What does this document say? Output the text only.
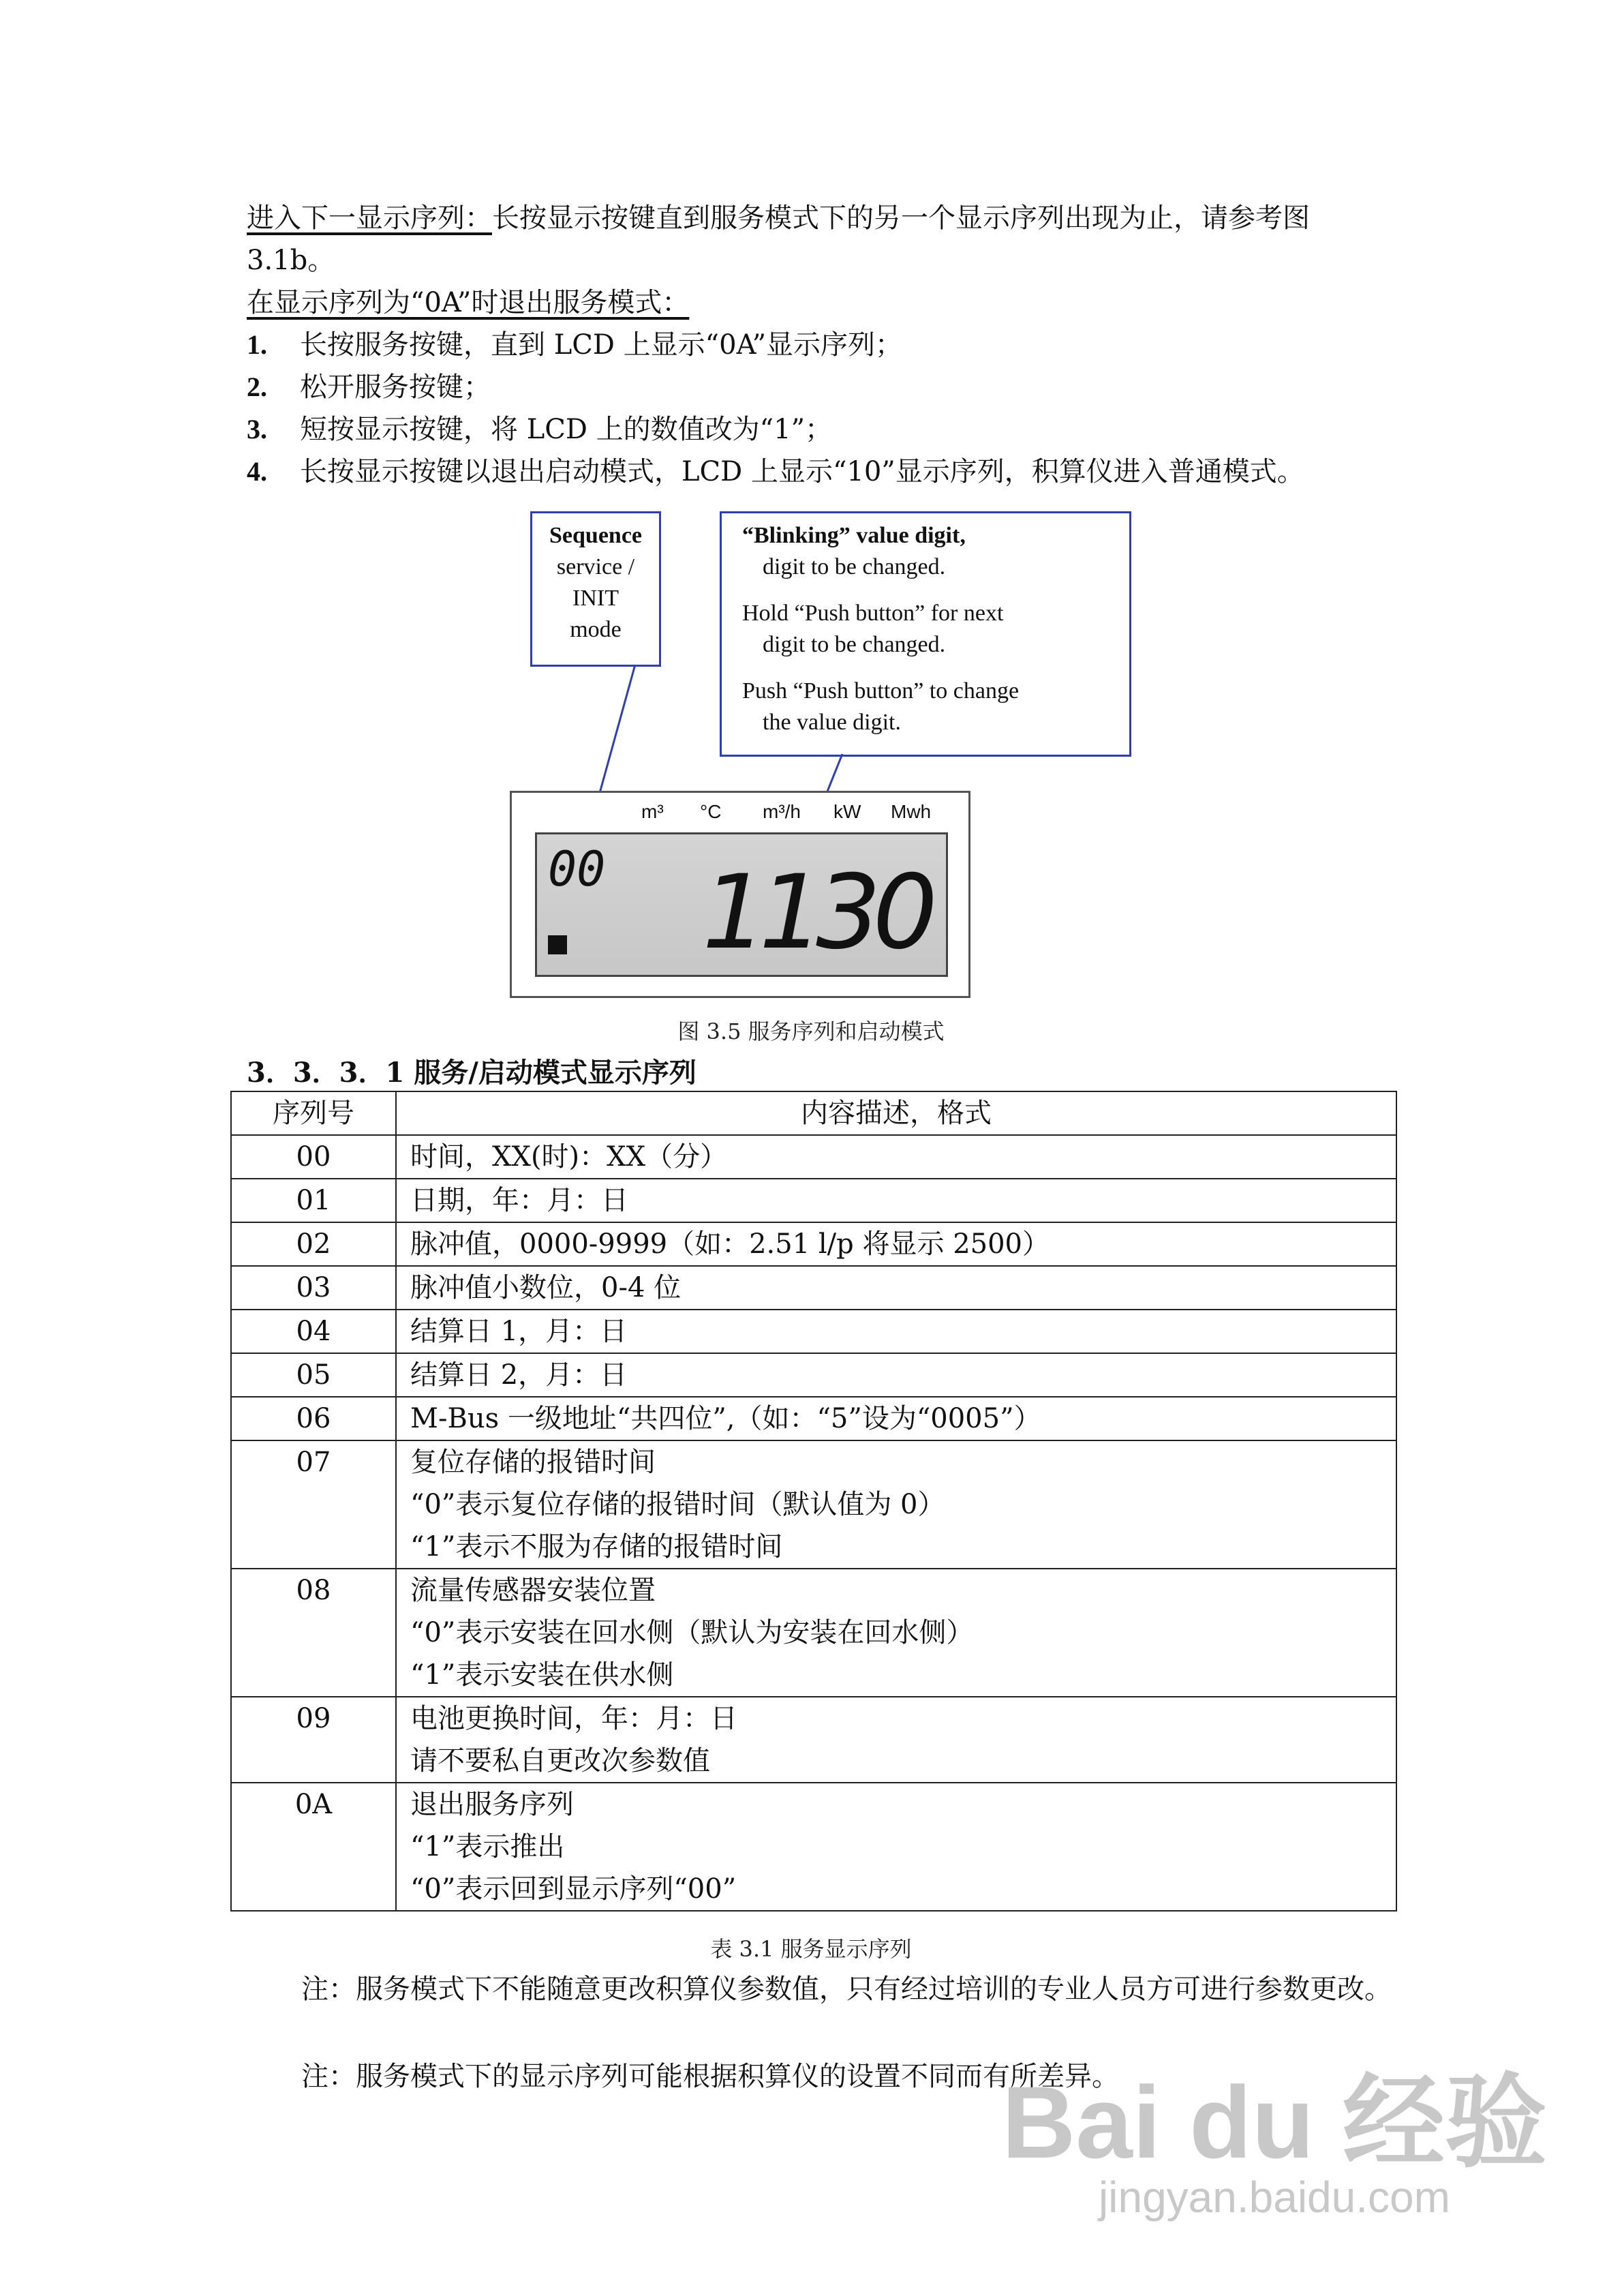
进入下一显示序列：长按显示按键直到服务模式下的另一个显示序列出现为止，请参考图
3.1b。
在显示序列为“0A”时退出服务模式：
1. 长按服务按键，直到 LCD 上显示“0A”显示序列；
2. 松开服务按键；
3. 短按显示按键，将 LCD 上的数值改为“1”；
4. 长按显示按键以退出启动模式，LCD 上显示“10”显示序列，积算仪进入普通模式。
Sequence
service /
INIT
mode
“Blinking” value digit,
digit to be changed.
Hold “Push button” for next
digit to be changed.
Push “Push button” to change
the value digit.
m³ °C m³/h kW Mwh
00 1130
图 3.5 服务序列和启动模式
3．3．3．1 服务/启动模式显示序列
序列号	内容描述，格式
00	时间，XX(时)：XX（分）

01	日期，年：月：日

02	脉冲值，0000-9999（如：2.51 l/p 将显示 2500）

03	脉冲值小数位，0-4 位

04	结算日 1，月：日

05	结算日 2，月：日

06	M-Bus 一级地址“共四位”,（如：“5”设为“0005”）

07	复位存储的报错时间
“0”表示复位存储的报错时间（默认值为 0）
“1”表示不服为存储的报错时间

08	流量传感器安装位置
“0”表示安装在回水侧（默认为安装在回水侧）
“1”表示安装在供水侧

09	电池更换时间，年：月：日
请不要私自更改次参数值

0A	退出服务序列
“1”表示推出
“0”表示回到显示序列“00”
表 3.1 服务显示序列
注：服务模式下不能随意更改积算仪参数值，只有经过培训的专业人员方可进行参数更改。
注：服务模式下的显示序列可能根据积算仪的设置不同而有所差异。
Bai du 经验
jingyan.baidu.com
